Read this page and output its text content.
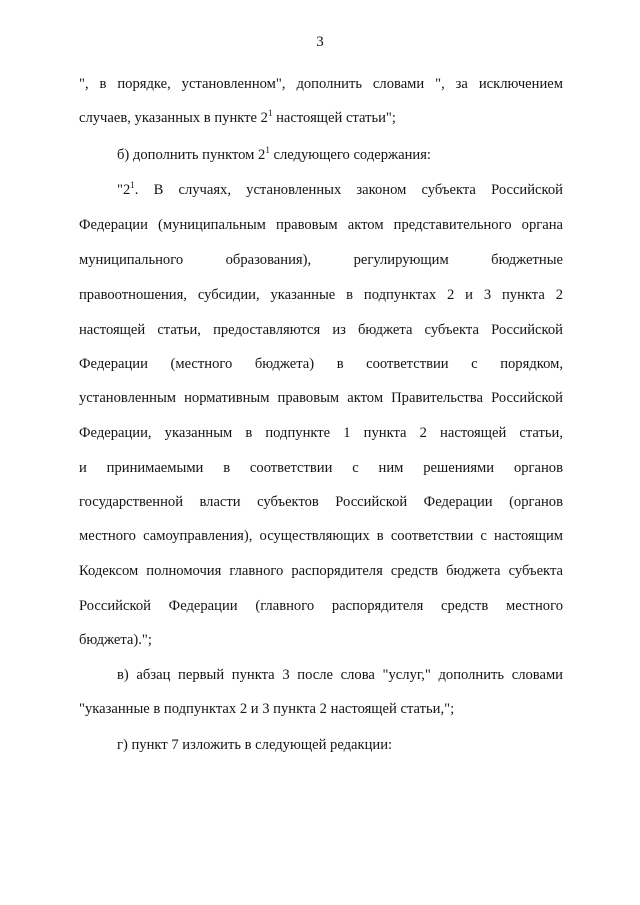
3
", в порядке, установленном", дополнить словами ", за исключением
случаев, указанных в пункте $2^1$ настоящей статьи";
б) дополнить пунктом $2^1$ следующего содержания:
"$2^1$. В случаях, установленных законом субъекта Российской
Федерации (муниципальным правовым актом представительного органа
муниципального образования), регулирующим бюджетные
правоотношения, субсидии, указанные в подпунктах 2 и 3 пункта 2
настоящей статьи, предоставляются из бюджета субъекта Российской
Федерации (местного бюджета) в соответствии с порядком,
установленным нормативным правовым актом Правительства Российской
Федерации, указанным в подпункте 1 пункта 2 настоящей статьи,
и принимаемыми в соответствии с ним решениями органов
государственной власти субъектов Российской Федерации (органов
местного самоуправления), осуществляющих в соответствии с настоящим
Кодексом полномочия главного распорядителя средств бюджета субъекта
Российской Федерации (главного распорядителя средств местного
бюджета).";
в) абзац первый пункта 3 после слова "услуг," дополнить словами
"указанные в подпунктах 2 и 3 пункта 2 настоящей статьи,";
г) пункт 7 изложить в следующей редакции:
